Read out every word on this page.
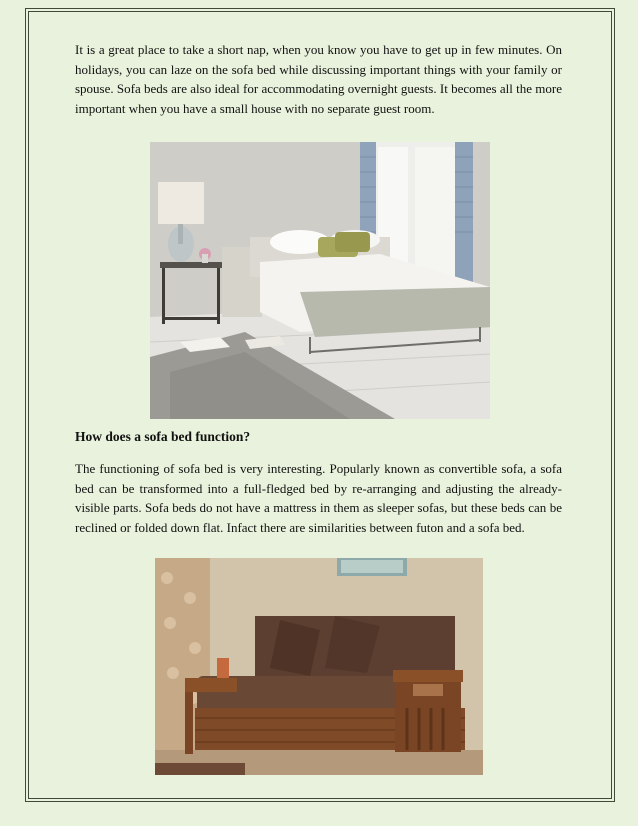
It is a great place to take a short nap, when you know you have to get up in few minutes. On holidays, you can laze on the sofa bed while discussing important things with your family or spouse. Sofa beds are also ideal for accommodating overnight guests. It becomes all the more important when you have a small house with no separate guest room.

How does a sofa bed function?

The functioning of sofa bed is very interesting. Popularly known as convertible sofa, a sofa bed can be transformed into a full-fledged bed by re-arranging and adjusting the already-visible parts. Sofa beds do not have a mattress in them as sleeper sofas, but these beds can be reclined or folded down flat. Infact there are similarities between futon and a sofa bed.
